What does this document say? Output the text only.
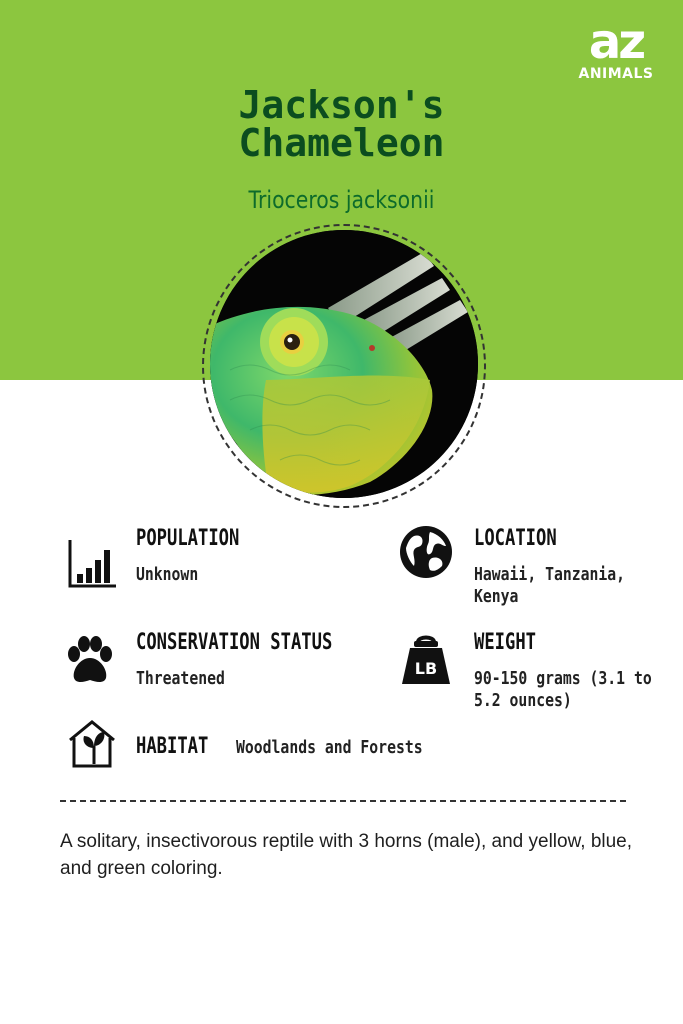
az
ANIMALS
Jackson's
Chameleon
Trioceros jacksonii
POPULATION
Unknown
LOCATION
Hawaii, Tanzania, Kenya
CONSERVATION STATUS
Threatened	LB
WEIGHT
90-150 grams (3.1 to 5.2 ounces)
HABITAT Woodlands and Forests

A solitary, insectivorous reptile with 3 horns (male), and yellow, blue, and green coloring.
